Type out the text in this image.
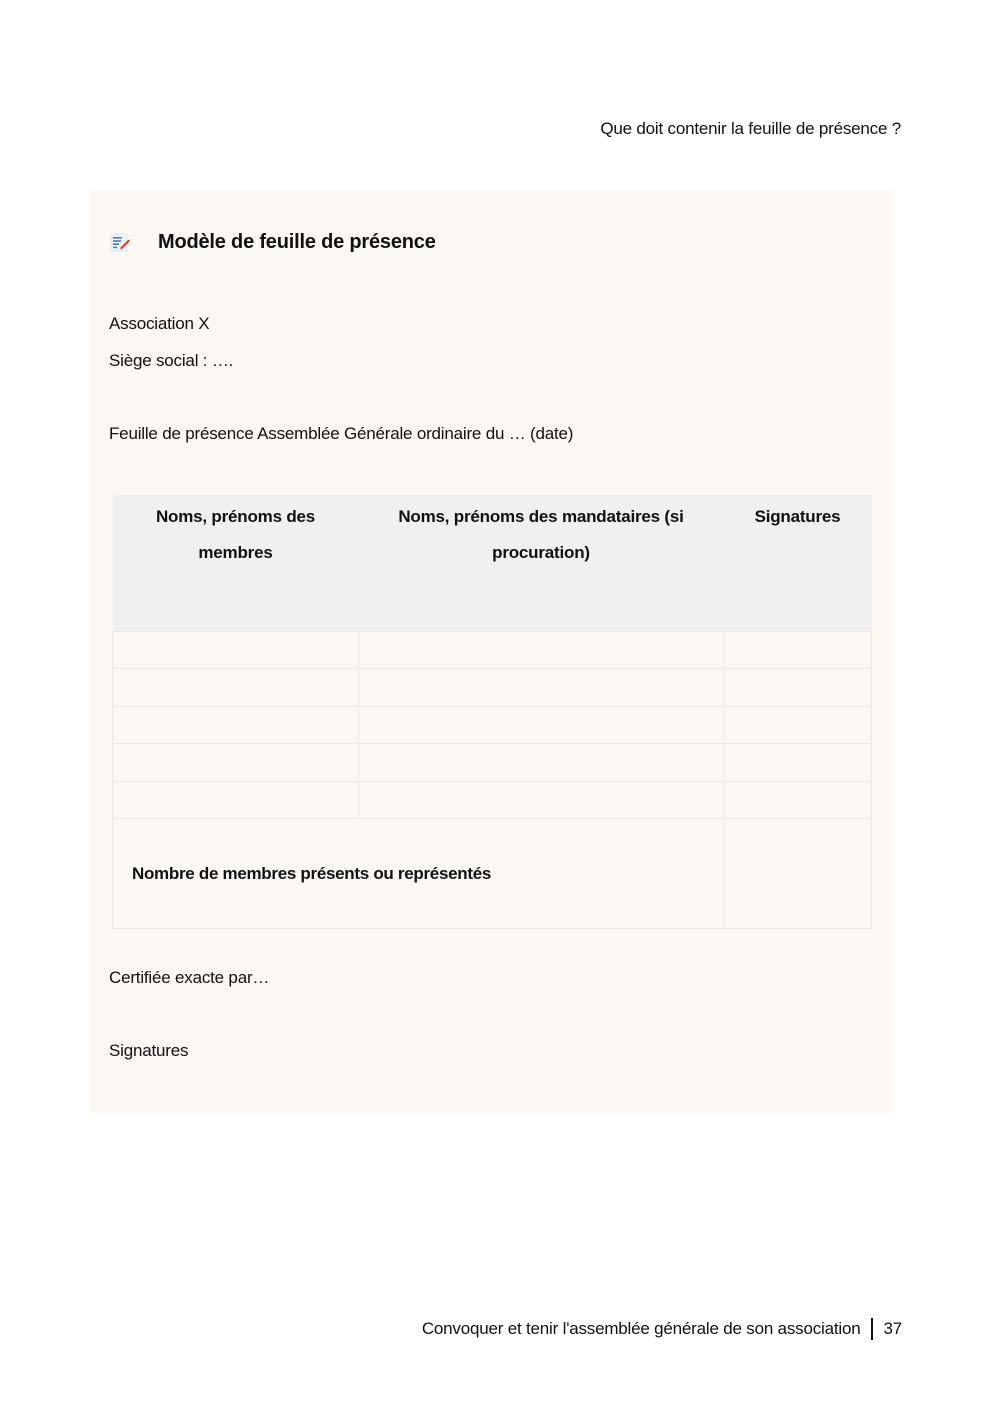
Que doit contenir la feuille de présence ?
Modèle de feuille de présence
Association X
Siège social : ….
Feuille de présence Assemblée Générale ordinaire du … (date)
Noms, prénoms des membres	Noms, prénoms des mandataires (si procuration)	Signatures

Nombre de membres présents ou représentés		
Certifiée exacte par…
Signatures
Convoquer et tenir l'assemblée générale de son association 37
